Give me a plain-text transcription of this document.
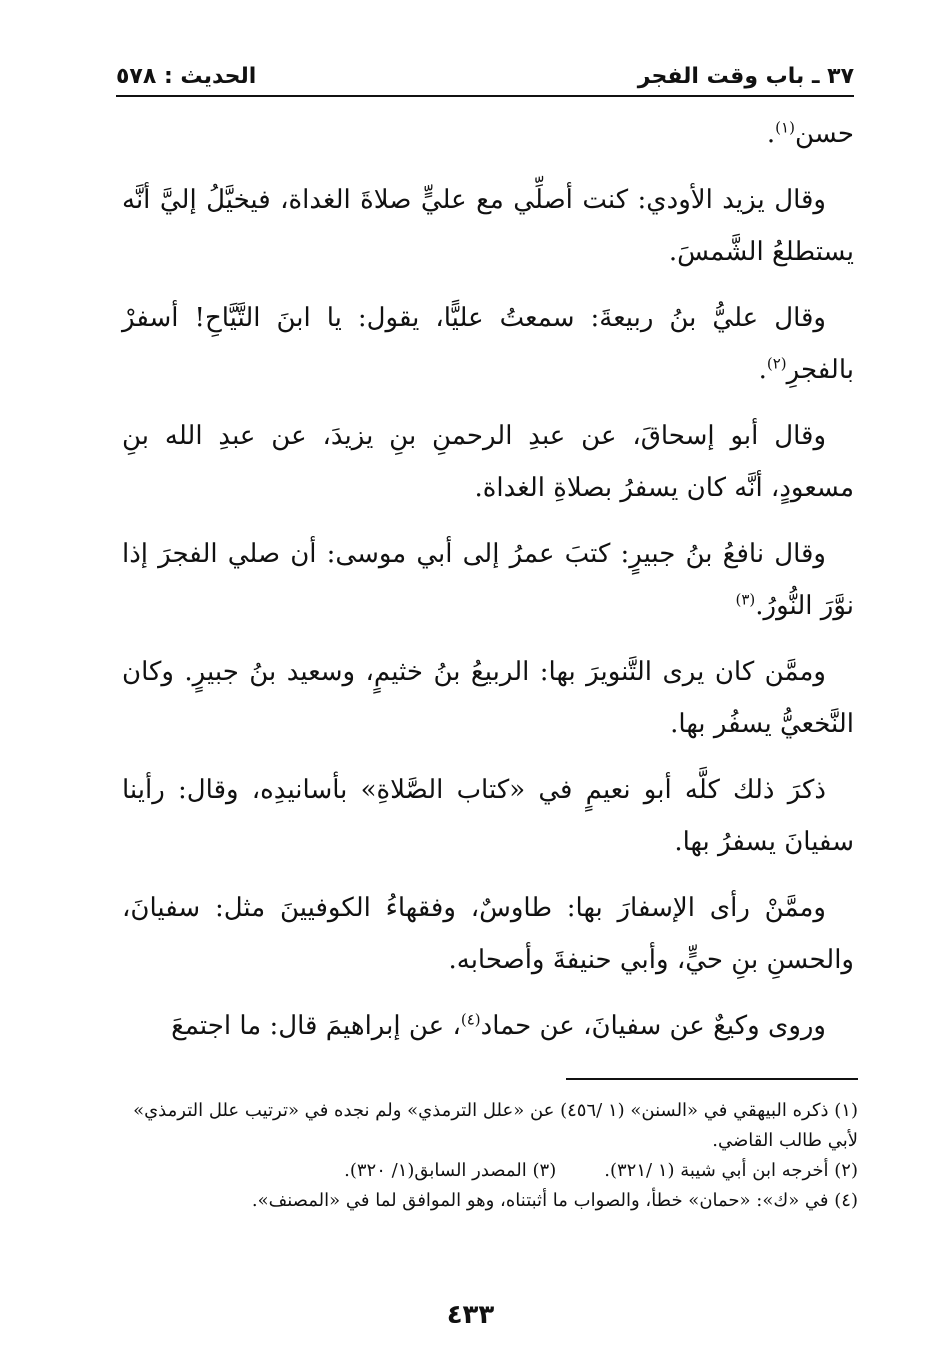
٣٧ ـ باب وقت الفجر
الحديث : ٥٧٨

حسن$^{(١)}$.

وقال يزيد الأودي: كنت أصلِّي مع عليٍّ صلاةَ الغداة، فيخيَّلُ إليَّ أنَّه يستطلعُ الشَّمسَ.

وقال عليُّ بنُ ربيعةَ: سمعتُ عليًّا، يقول: يا ابنَ التَّيَّاحِ! أسفرْ بالفجرِ$^{(٢)}$.

وقال أبو إسحاقَ، عن عبدِ الرحمنِ بنِ يزيدَ، عن عبدِ الله بنِ مسعودٍ، أنَّه كان يسفرُ بصلاةِ الغداة.

وقال نافعُ بنُ جبيرٍ: كتبَ عمرُ إلى أبي موسى: أن صلي الفجرَ إذا نوَّرَ النُّورُ.$^{(٣)}$

وممَّن كان يرى التَّنويرَ بها: الربيعُ بنُ خثيمٍ، وسعيد بنُ جبيرٍ. وكان النَّخعيُّ يسفُر بها.

ذكرَ ذلك كلَّه أبو نعيمٍ في «كتاب الصَّلاةِ» بأسانيدِه، وقال: رأينا سفيانَ يسفرُ بها.

وممَّنْ رأى الإسفارَ بها: طاوسٌ، وفقهاءُ الكوفيينَ مثل: سفيانَ، والحسنِ بنِ حيٍّ، وأبي حنيفةَ وأصحابه.

وروى وكيعٌ عن سفيانَ، عن حماد$^{(٤)}$، عن إبراهيمَ قال: ما اجتمعَ

(١) ذكره البيهقي في «السنن» (١ /٤٥٦) عن «علل الترمذي» ولم نجده في «ترتيب علل الترمذي» لأبي طالب القاضي.

(٢) أخرجه ابن أبي شيبة (١ /٣٢١).
(٣) المصدر السابق(١/ ٣٢٠).

(٤) في «ك»: «حمان» خطأ، والصواب ما أثبتناه، وهو الموافق لما في «المصنف».

٤٣٣
